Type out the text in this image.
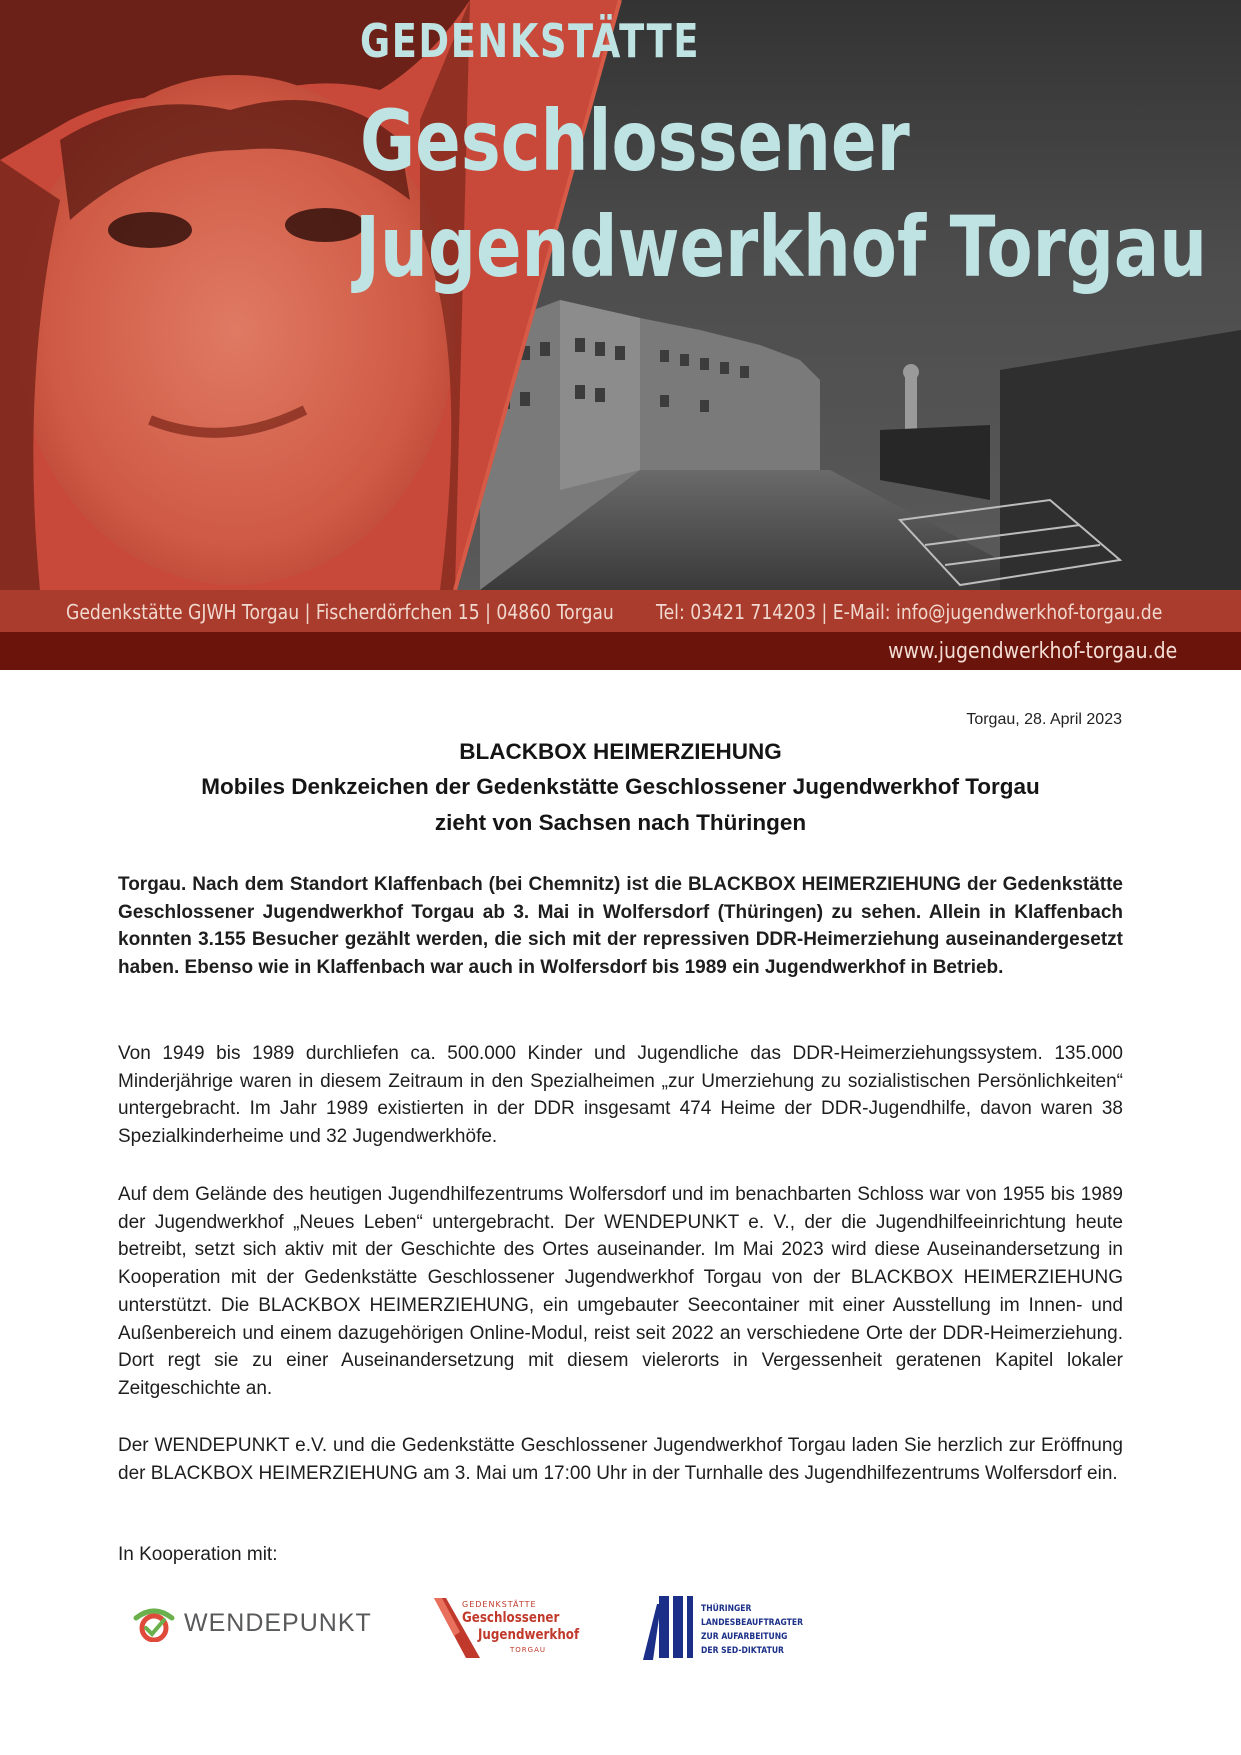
GEDENKSTÄTTE
Geschlossener
Jugendwerkhof Torgau
Gedenkstätte GJWH Torgau | Fischerdörfchen 15 | 04860 Torgau Tel: 03421 714203 | E-Mail: info@jugendwerkhof-torgau.de
www.jugendwerkhof-torgau.de
Torgau, 28. April 2023
BLACKBOX HEIMERZIEHUNG
Mobiles Denkzeichen der Gedenkstätte Geschlossener Jugendwerkhof Torgau
zieht von Sachsen nach Thüringen
Torgau. Nach dem Standort Klaffenbach (bei Chemnitz) ist die BLACKBOX HEIMERZIEHUNG der Gedenkstätte Geschlossener Jugendwerkhof Torgau ab 3. Mai in Wolfersdorf (Thüringen) zu sehen. Allein in Klaffenbach konnten 3.155 Besucher gezählt werden, die sich mit der repressiven DDR-Heimerziehung auseinandergesetzt haben. Ebenso wie in Klaffenbach war auch in Wolfersdorf bis 1989 ein Jugendwerkhof in Betrieb.
Von 1949 bis 1989 durchliefen ca. 500.000 Kinder und Jugendliche das DDR-Heimerziehungssystem. 135.000 Minderjährige waren in diesem Zeitraum in den Spezialheimen „zur Umerziehung zu sozialistischen Persönlichkeiten“ untergebracht. Im Jahr 1989 existierten in der DDR insgesamt 474 Heime der DDR-Jugendhilfe, davon waren 38 Spezialkinderheime und 32 Jugendwerkhöfe.
Auf dem Gelände des heutigen Jugendhilfezentrums Wolfersdorf und im benachbarten Schloss war von 1955 bis 1989 der Jugendwerkhof „Neues Leben“ untergebracht. Der WENDEPUNKT e. V., der die Jugendhilfeeinrichtung heute betreibt, setzt sich aktiv mit der Geschichte des Ortes auseinander. Im Mai 2023 wird diese Auseinandersetzung in Kooperation mit der Gedenkstätte Geschlossener Jugendwerkhof Torgau von der BLACKBOX HEIMERZIEHUNG unterstützt. Die BLACKBOX HEIMERZIEHUNG, ein umgebauter Seecontainer mit einer Ausstellung im Innen- und Außenbereich und einem dazugehörigen Online-Modul, reist seit 2022 an verschiedene Orte der DDR-Heimerziehung. Dort regt sie zu einer Auseinandersetzung mit diesem vielerorts in Vergessenheit geratenen Kapitel lokaler Zeitgeschichte an.
Der WENDEPUNKT e.V. und die Gedenkstätte Geschlossener Jugendwerkhof Torgau laden Sie herzlich zur Eröffnung der BLACKBOX HEIMERZIEHUNG am 3. Mai um 17:00 Uhr in der Turnhalle des Jugendhilfezentrums Wolfersdorf ein.
In Kooperation mit:
WENDEPUNKT
GEDENKSTÄTTE
Geschlossener
Jugendwerkhof
TORGAU
THÜRINGER
LANDESBEAUFTRAGTER
ZUR AUFARBEITUNG
DER SED-DIKTATUR
